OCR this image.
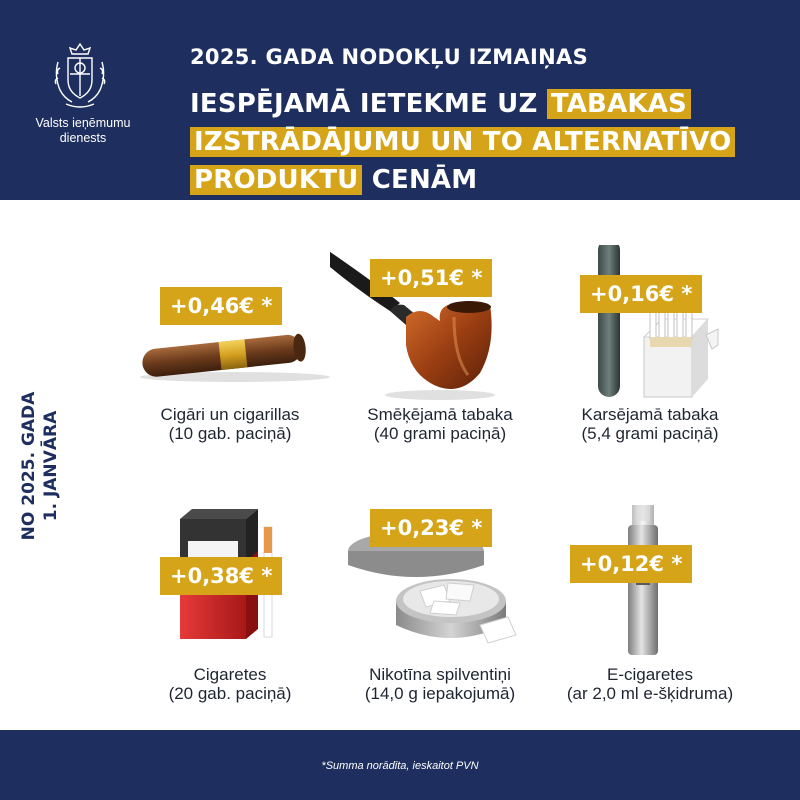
Valsts ieņēmumu
dienests
2025. GADA NODOKĻU IZMAIŅAS
IESPĒJAMĀ IETEKME UZ TABAKAS
IZSTRĀDĀJUMU UN TO ALTERNATĪVO
PRODUKTU CENĀM
NO 2025. GADA 1. JANVĀRA
+0,46€ *
Cigāri un cigarillas
(10 gab. paciņā)
+0,51€ *
Smēķējamā tabaka
(40 grami paciņā)
+0,16€ *
Karsējamā tabaka
(5,4 grami paciņā)
+0,38€ *
Cigaretes
(20 gab. paciņā)
+0,23€ *
Nikotīna spilventiņi
(14,0 g iepakojumā)
+0,12€ *
E-cigaretes
(ar 2,0 ml e-šķidruma)
*Summa norādīta, ieskaitot PVN
